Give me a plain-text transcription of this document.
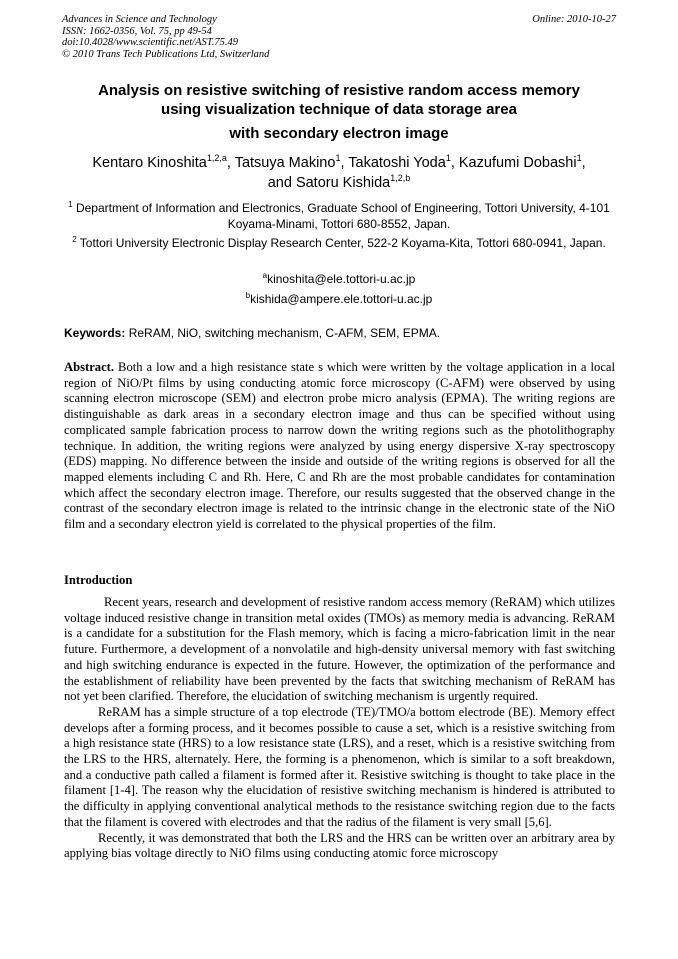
Advances in Science and Technology
ISSN: 1662-0356, Vol. 75, pp 49-54
doi:10.4028/www.scientific.net/AST.75.49
© 2010 Trans Tech Publications Ltd, Switzerland
Online: 2010-10-27
Analysis on resistive switching of resistive random access memory
using visualization technique of data storage area
with secondary electron image
Kentaro Kinoshita$^{1,2,a}$, Tatsuya Makino$^1$, Takatoshi Yoda$^1$, Kazufumi Dobashi$^1$,
and Satoru Kishida$^{1,2,b}$
$^1$ Department of Information and Electronics, Graduate School of Engineering, Tottori University, 4-101 Koyama-Minami, Tottori 680-8552, Japan.
$^2$ Tottori University Electronic Display Research Center, 522-2 Koyama-Kita, Tottori 680-0941, Japan.
$^a$kinoshita@ele.tottori-u.ac.jp
$^b$kishida@ampere.ele.tottori-u.ac.jp
Keywords: ReRAM, NiO, switching mechanism, C-AFM, SEM, EPMA.
Abstract. Both a low and a high resistance state s which were written by the voltage application in a local region of NiO/Pt films by using conducting atomic force microscopy (C-AFM) were observed by using scanning electron microscope (SEM) and electron probe micro analysis (EPMA). The writing regions are distinguishable as dark areas in a secondary electron image and thus can be specified without using complicated sample fabrication process to narrow down the writing regions such as the photolithography technique. In addition, the writing regions were analyzed by using energy dispersive X-ray spectroscopy (EDS) mapping. No difference between the inside and outside of the writing regions is observed for all the mapped elements including C and Rh. Here, C and Rh are the most probable candidates for contamination which affect the secondary electron image. Therefore, our results suggested that the observed change in the contrast of the secondary electron image is related to the intrinsic change in the electronic state of the NiO film and a secondary electron yield is correlated to the physical properties of the film.
Introduction

Recent years, research and development of resistive random access memory (ReRAM) which utilizes voltage induced resistive change in transition metal oxides (TMOs) as memory media is advancing. ReRAM is a candidate for a substitution for the Flash memory, which is facing a micro-fabrication limit in the near future. Furthermore, a development of a nonvolatile and high-density universal memory with fast switching and high switching endurance is expected in the future. However, the optimization of the performance and the establishment of reliability have been prevented by the facts that switching mechanism of ReRAM has not yet been clarified. Therefore, the elucidation of switching mechanism is urgently required.

ReRAM has a simple structure of a top electrode (TE)/TMO/a bottom electrode (BE). Memory effect develops after a forming process, and it becomes possible to cause a set, which is a resistive switching from a high resistance state (HRS) to a low resistance state (LRS), and a reset, which is a resistive switching from the LRS to the HRS, alternately. Here, the forming is a phenomenon, which is similar to a soft breakdown, and a conductive path called a filament is formed after it. Resistive switching is thought to take place in the filament [1-4]. The reason why the elucidation of resistive switching mechanism is hindered is attributed to the difficulty in applying conventional analytical methods to the resistance switching region due to the facts that the filament is covered with electrodes and that the radius of the filament is very small [5,6].

Recently, it was demonstrated that both the LRS and the HRS can be written over an arbitrary area by applying bias voltage directly to NiO films using conducting atomic force microscopy
